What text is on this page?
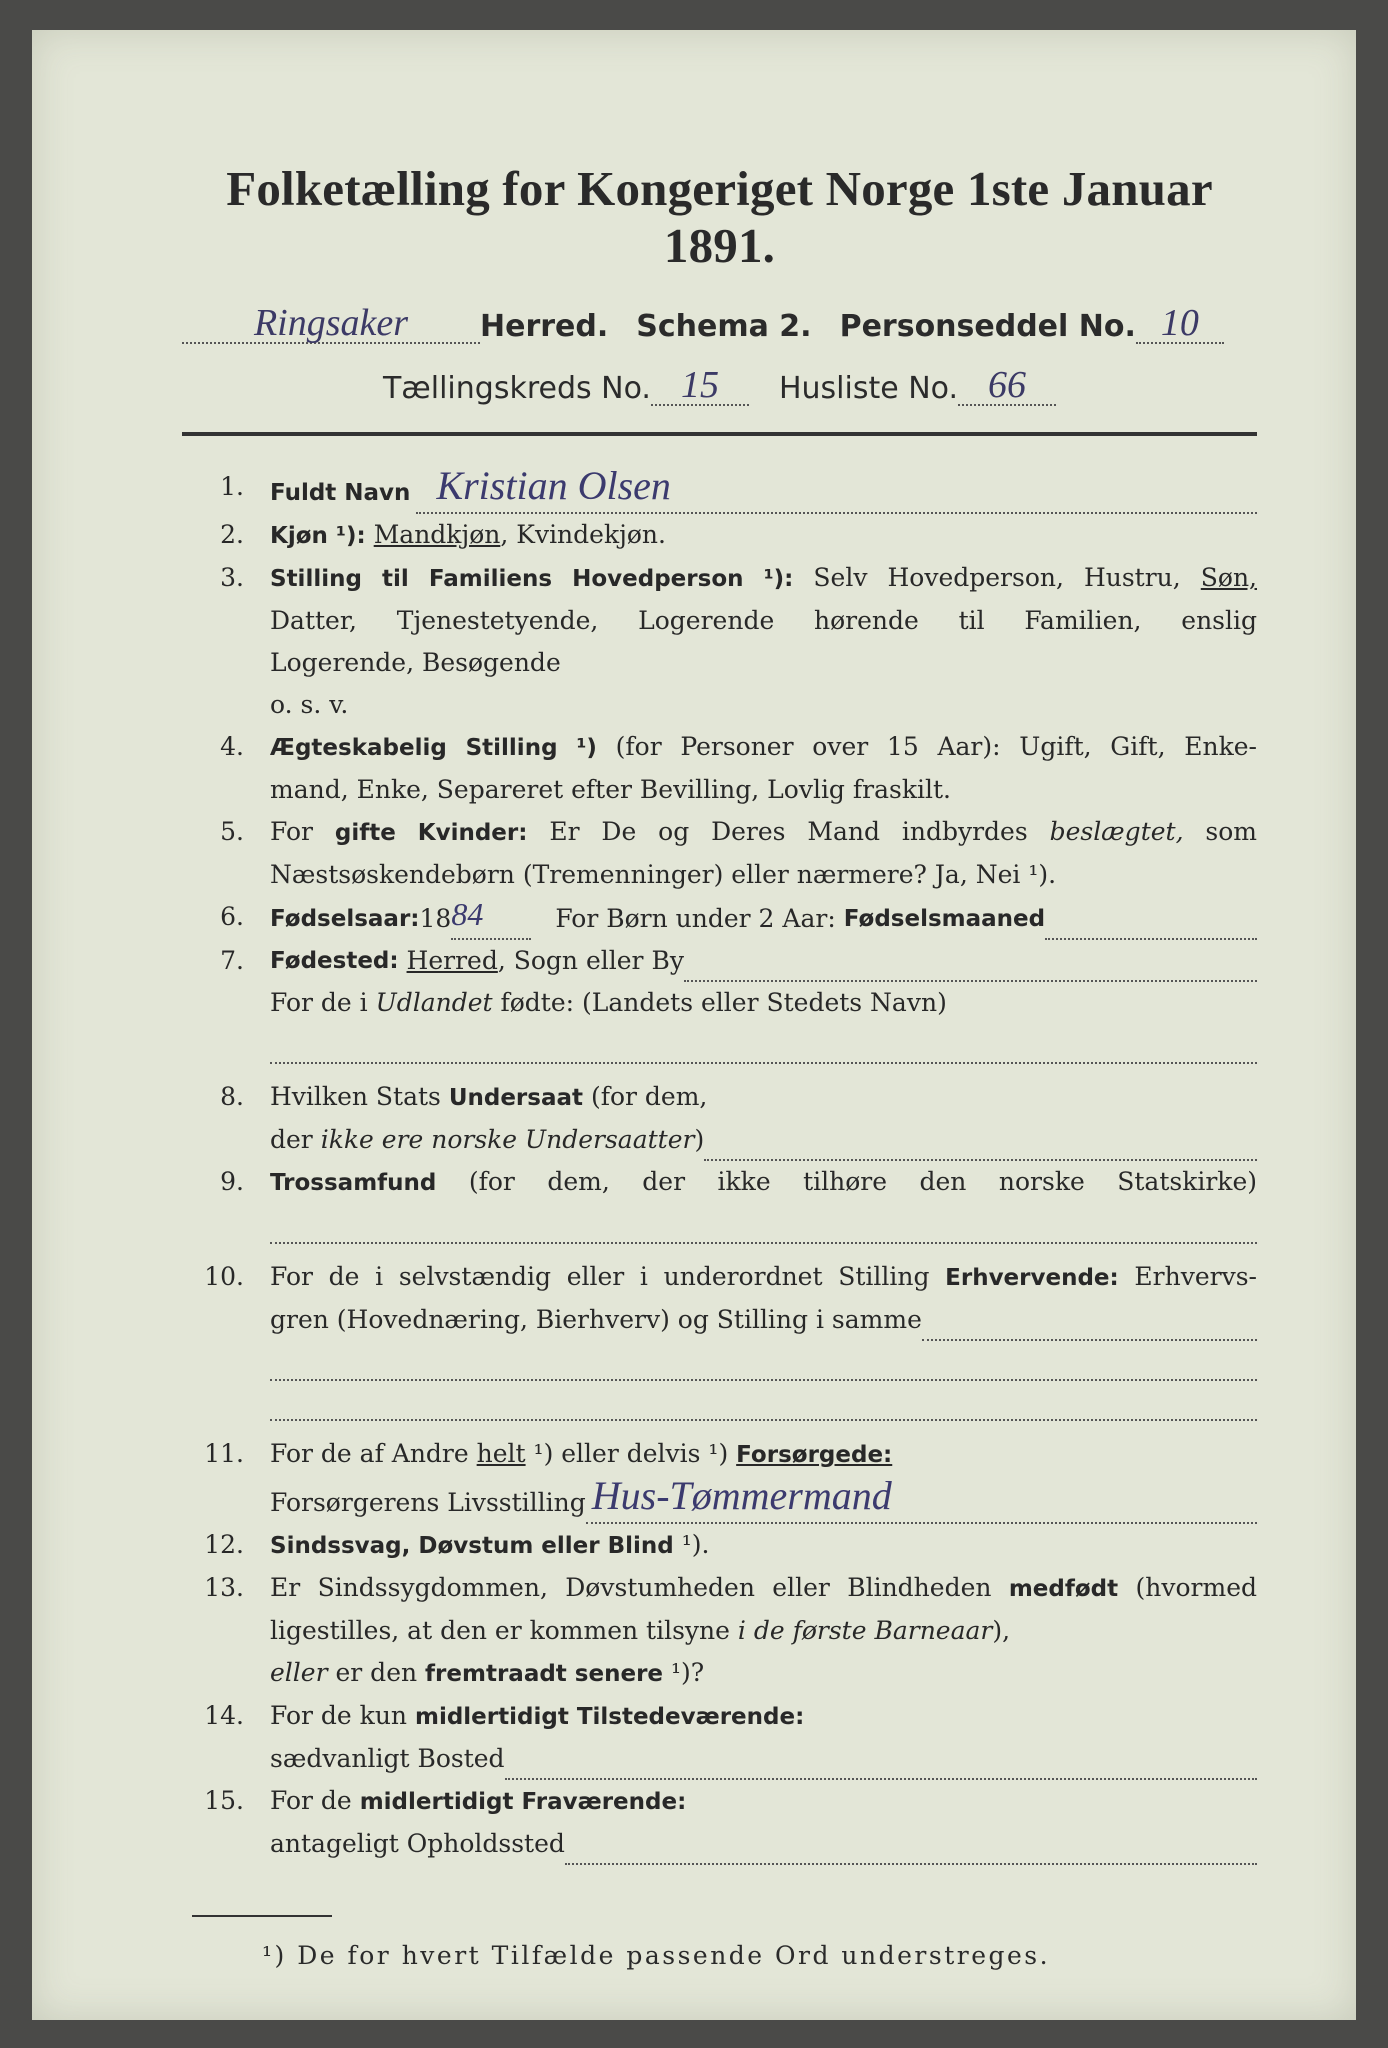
Folketælling for Kongeriget Norge 1ste Januar 1891.
Ringsaker	Herred. Schema 2. Personseddel No. 10
Tællingskreds No. 15	Husliste No. 66
1.	Fuldt Navn Kristian Olsen
2.	Kjøn ¹): Mandkjøn, Kvindekjøn.
3.	Stilling til Familiens Hovedperson ¹): Selv Hovedperson, Hustru, Søn,
Datter, Tjenestetyende, Logerende hørende til Familien, enslig
Logerende, Besøgende
o. s. v.
4.	Ægteskabelig Stilling ¹) (for Personer over 15 Aar): Ugift, Gift, Enke-
mand, Enke, Separeret efter Bevilling, Lovlig fraskilt.
5.	For gifte Kvinder: Er De og Deres Mand indbyrdes beslægtet, som
Næstsøskendebørn (Tremenninger) eller nærmere? Ja, Nei ¹).
6.	Fødselsaar: 18 84	For Børn under 2 Aar: Fødselsmaaned
7.	Fødested:
Herred , Sogn eller By
For de i Udlandet fødte: (Landets eller Stedets Navn)
8.	Hvilken Stats Undersaat (for dem,
der
ikke ere norske Undersaatter )
9.	Trossamfund (for dem, der ikke tilhøre den norske Statskirke)
10.	For de i selvstændig eller i underordnet Stilling Erhvervende: Erhvervs-
gren (Hovednæring, Bierhverv) og Stilling i samme
11.	For de af Andre helt ¹) eller delvis ¹) Forsørgede:
Forsørgerens Livsstilling Hus-Tømmermand
12.	Sindssvag, Døvstum eller Blind ¹).
13.	Er Sindssygdommen, Døvstumheden eller Blindheden medfødt (hvormed
ligestilles, at den er kommen tilsyne i de første Barneaar),
eller er den fremtraadt senere ¹)?
14.	For de kun midlertidigt Tilstedeværende:
sædvanligt Bosted
15.	For de midlertidigt Fraværende:
antageligt Opholdssted
¹) De for hvert Tilfælde passende Ord understreges.
